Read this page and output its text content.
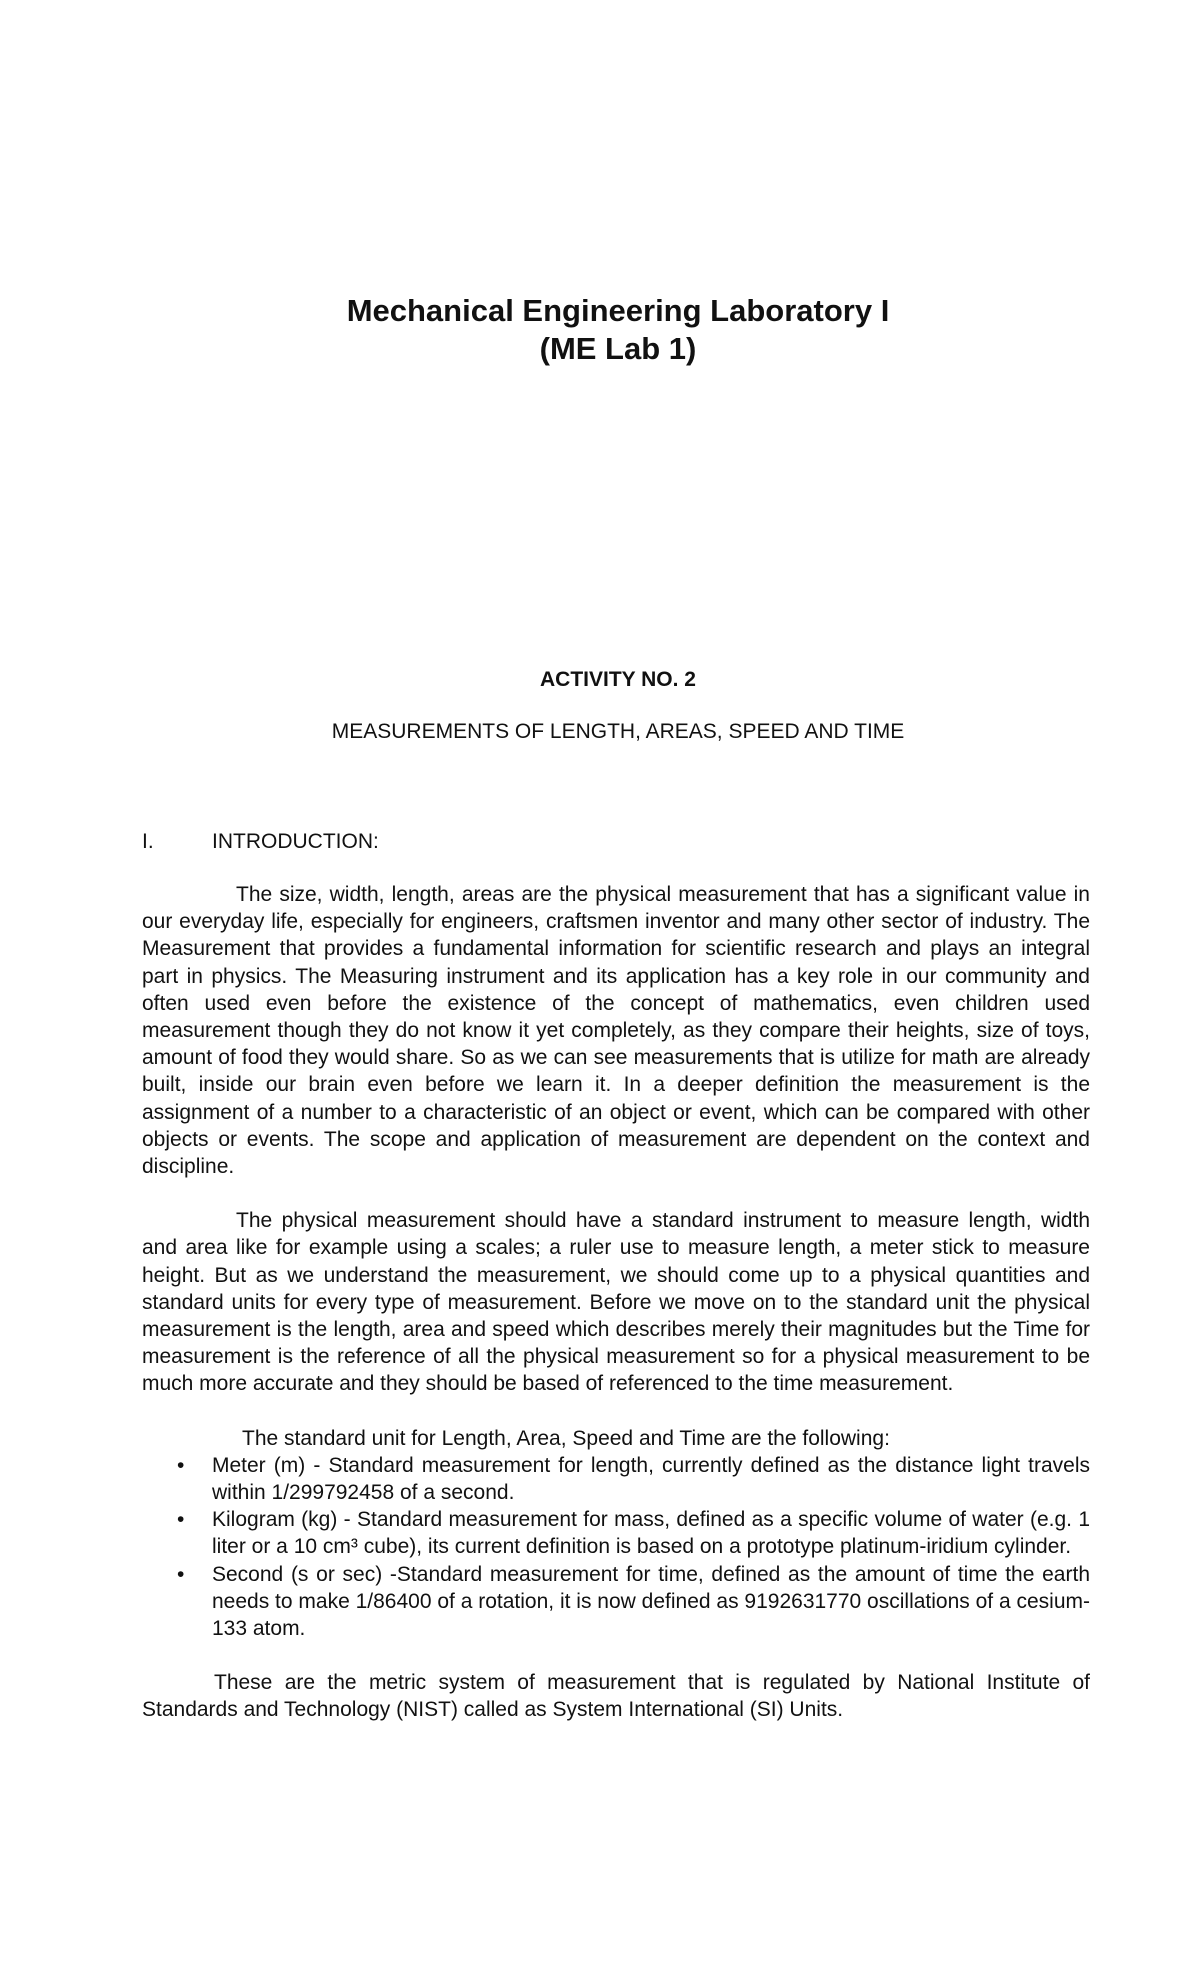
Mechanical Engineering Laboratory I
(ME Lab 1)
ACTIVITY NO. 2
MEASUREMENTS OF LENGTH, AREAS, SPEED AND TIME
I.	INTRODUCTION:

The size, width, length, areas are the physical measurement that has a significant value in our everyday life, especially for engineers, craftsmen inventor and many other sector of industry. The Measurement that provides a fundamental information for scientific research and plays an integral part in physics. The Measuring instrument and its application has a key role in our community and often used even before the existence of the concept of mathematics, even children used measurement though they do not know it yet completely, as they compare their heights, size of toys, amount of food they would share. So as we can see measurements that is utilize for math are already built, inside our brain even before we learn it. In a deeper definition the measurement is the assignment of a number to a characteristic of an object or event, which can be compared with other objects or events. The scope and application of measurement are dependent on the context and discipline.

The physical measurement should have a standard instrument to measure length, width and area like for example using a scales; a ruler use to measure length, a meter stick to measure height. But as we understand the measurement, we should come up to a physical quantities and standard units for every type of measurement. Before we move on to the standard unit the physical measurement is the length, area and speed which describes merely their magnitudes but the Time for measurement is the reference of all the physical measurement so for a physical measurement to be much more accurate and they should be based of referenced to the time measurement.

The standard unit for Length, Area, Speed and Time are the following:

• Meter (m) - Standard measurement for length, currently defined as the distance light travels within 1/299792458 of a second.
• Kilogram (kg) - Standard measurement for mass, defined as a specific volume of water (e.g. 1 liter or a 10 cm³ cube), its current definition is based on a prototype platinum-iridium cylinder.
• Second (s or sec) -Standard measurement for time, defined as the amount of time the earth needs to make 1/86400 of a rotation, it is now defined as 9192631770 oscillations of a cesium-133 atom.

These are the metric system of measurement that is regulated by National Institute of Standards and Technology (NIST) called as System International (SI) Units.
